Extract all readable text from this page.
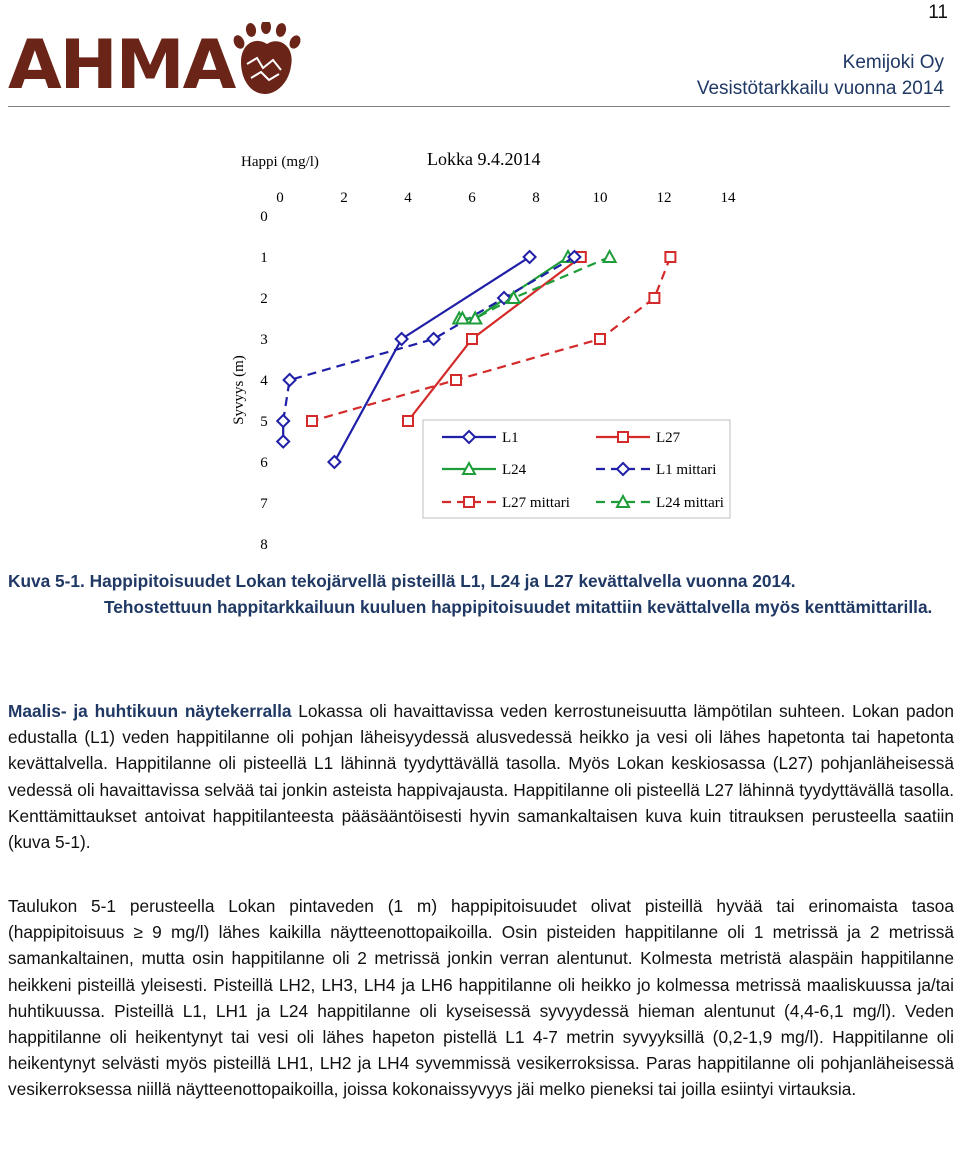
11
AHMA	Kemijoki Oy
Vesistötarkkailu vuonna 2014
Happi (mg/l)	Lokka 9.4.2014
Syvyys (m)
0	2	4	6	8	10	12	14
0
1
2
3
4
5
6
7
8
L1	L27
L24	L1 mittari
L27 mittari	L24 mittari

Kuva 5-1. Happipitoisuudet Lokan tekojärvellä pisteillä L1, L24 ja L27 kevättalvella vuonna 2014.
Tehostettuun happitarkkailuun kuuluen happipitoisuudet mitattiin kevättalvella myös kenttämittarilla.

Maalis- ja huhtikuun näytekerralla Lokassa oli havaittavissa veden kerrostuneisuutta lämpötilan suhteen. Lokan padon edustalla (L1) veden happitilanne oli pohjan läheisyydessä alusvedessä heikko ja vesi oli lähes hapetonta tai hapetonta kevättalvella. Happitilanne oli pisteellä L1 lähinnä tyydyttävällä tasolla. Myös Lokan keskiosassa (L27) pohjanläheisessä vedessä oli havaittavissa selvää tai jonkin asteista happivajausta. Happitilanne oli pisteellä L27 lähinnä tyydyttävällä tasolla. Kenttämittaukset antoivat happitilanteesta pääsääntöisesti hyvin samankaltaisen kuva kuin titrauksen perusteella saatiin (kuva 5-1).

Taulukon 5-1 perusteella Lokan pintaveden (1 m) happipitoisuudet olivat pisteillä hyvää tai erinomaista tasoa (happipitoisuus ≥ 9 mg/l) lähes kaikilla näytteenottopaikoilla. Osin pisteiden happitilanne oli 1 metrissä ja 2 metrissä samankaltainen, mutta osin happitilanne oli 2 metrissä jonkin verran alentunut. Kolmesta metristä alaspäin happitilanne heikkeni pisteillä yleisesti. Pisteillä LH2, LH3, LH4 ja LH6 happitilanne oli heikko jo kolmessa metrissä maaliskuussa ja/tai huhtikuussa. Pisteillä L1, LH1 ja L24 happitilanne oli kyseisessä syvyydessä hieman alentunut (4,4-6,1 mg/l). Veden happitilanne oli heikentynyt tai vesi oli lähes hapeton pistellä L1 4-7 metrin syvyyksillä (0,2-1,9 mg/l). Happitilanne oli heikentynyt selvästi myös pisteillä LH1, LH2 ja LH4 syvemmissä vesikerroksissa. Paras happitilanne oli pohjanläheisessä vesikerroksessa niillä näytteenottopaikoilla, joissa kokonaissyvyys jäi melko pieneksi tai joilla esiintyi virtauksia.
